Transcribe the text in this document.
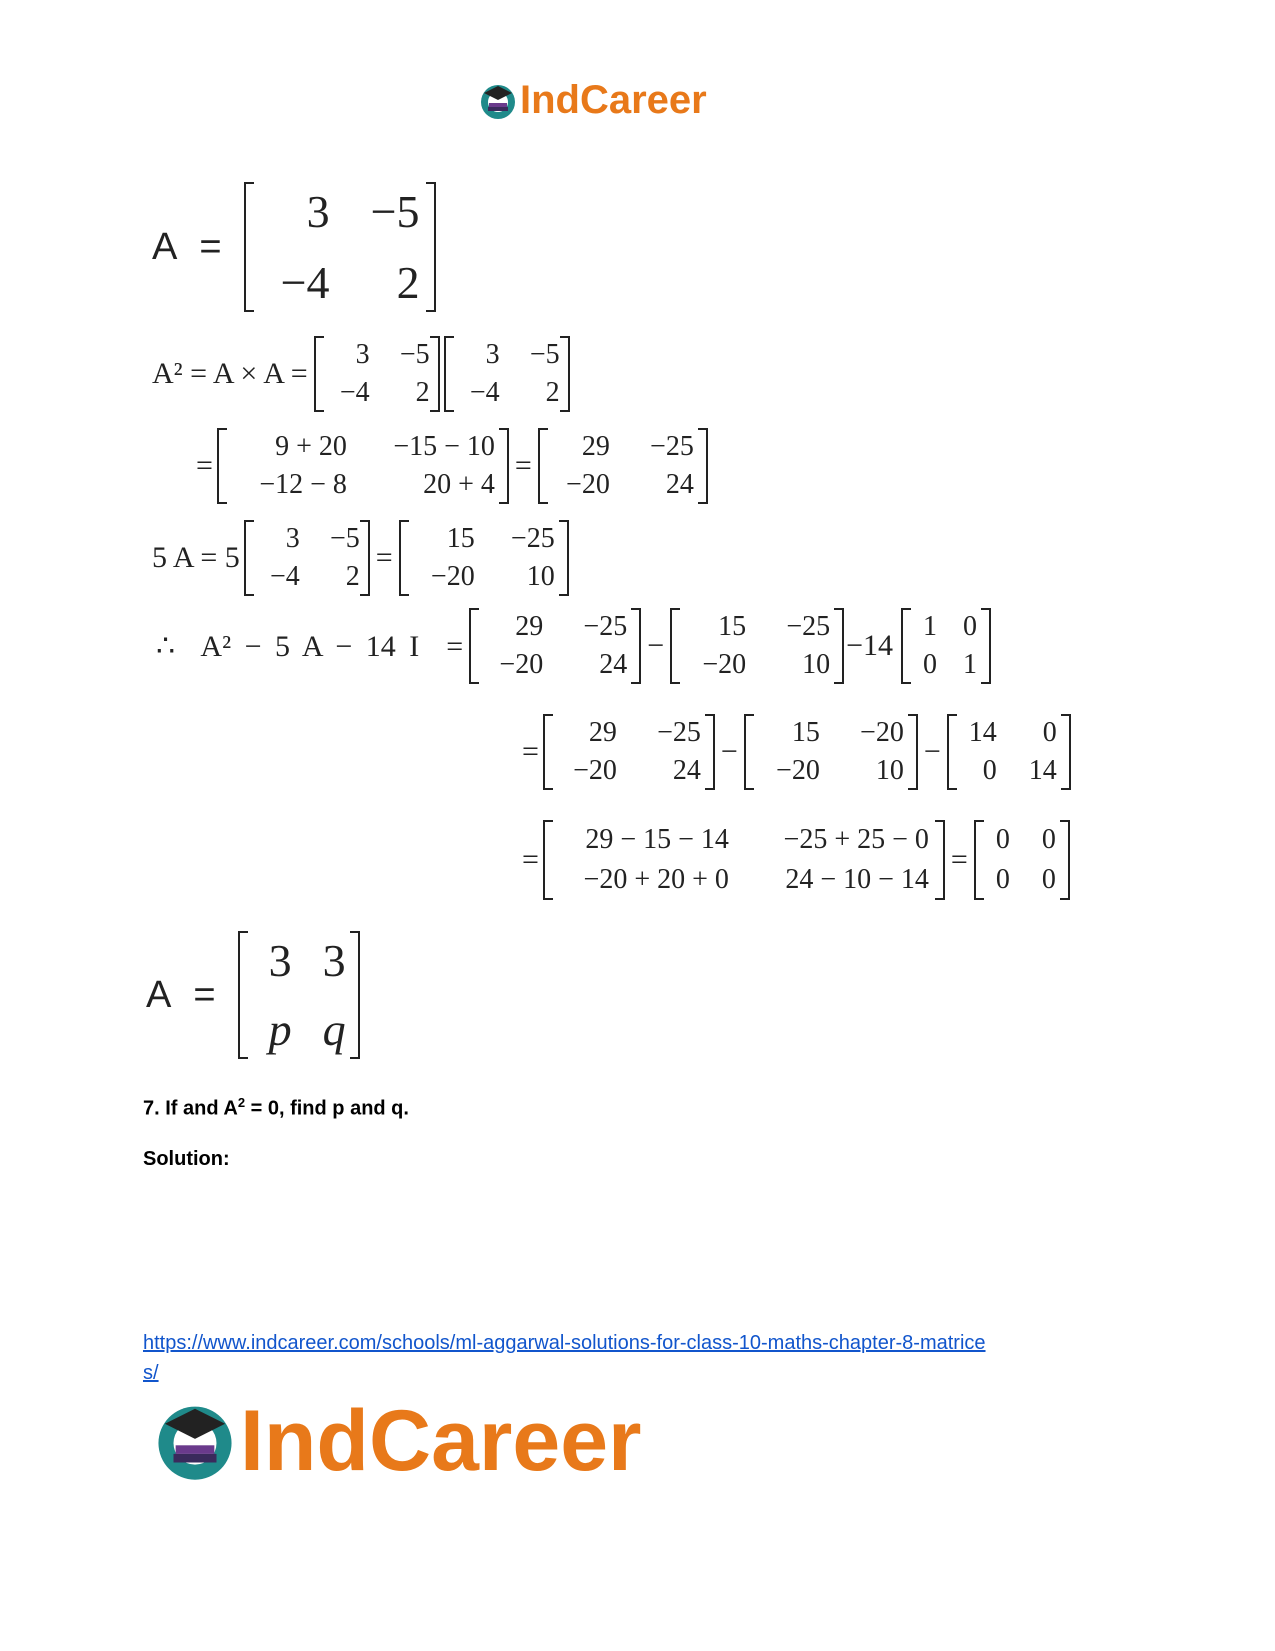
IndCareer
A =
3 −5
−4	2
A² = A × A =
3	−5
−4	2
3	−5
−4	2
=
9 + 20	−15 − 10
−12 − 8	20 + 4
=
29	−25
−20	24
5 A = 5
3	−5
−4	2
=
15	−25
−20	10
∴  A² − 5 A − 14 I  =
29	−25
−20	24
−
15	−25
−20	10
−14
1 0
0 1
=
29	−25
−20	24
−
15	−20
−20	10
−
14	0
0	14
=
29 − 15 − 14	−25 + 25 − 0
−20 + 20 + 0	24 − 10 − 14
=
0	0
0	0
A =
3 3
p q
7. If and $A^2 = 0$, find p and q.
Solution:
https://www.indcareer.com/schools/ml-aggarwal-solutions-for-class-10-maths-chapter-8-matrice
s/
IndCareer
